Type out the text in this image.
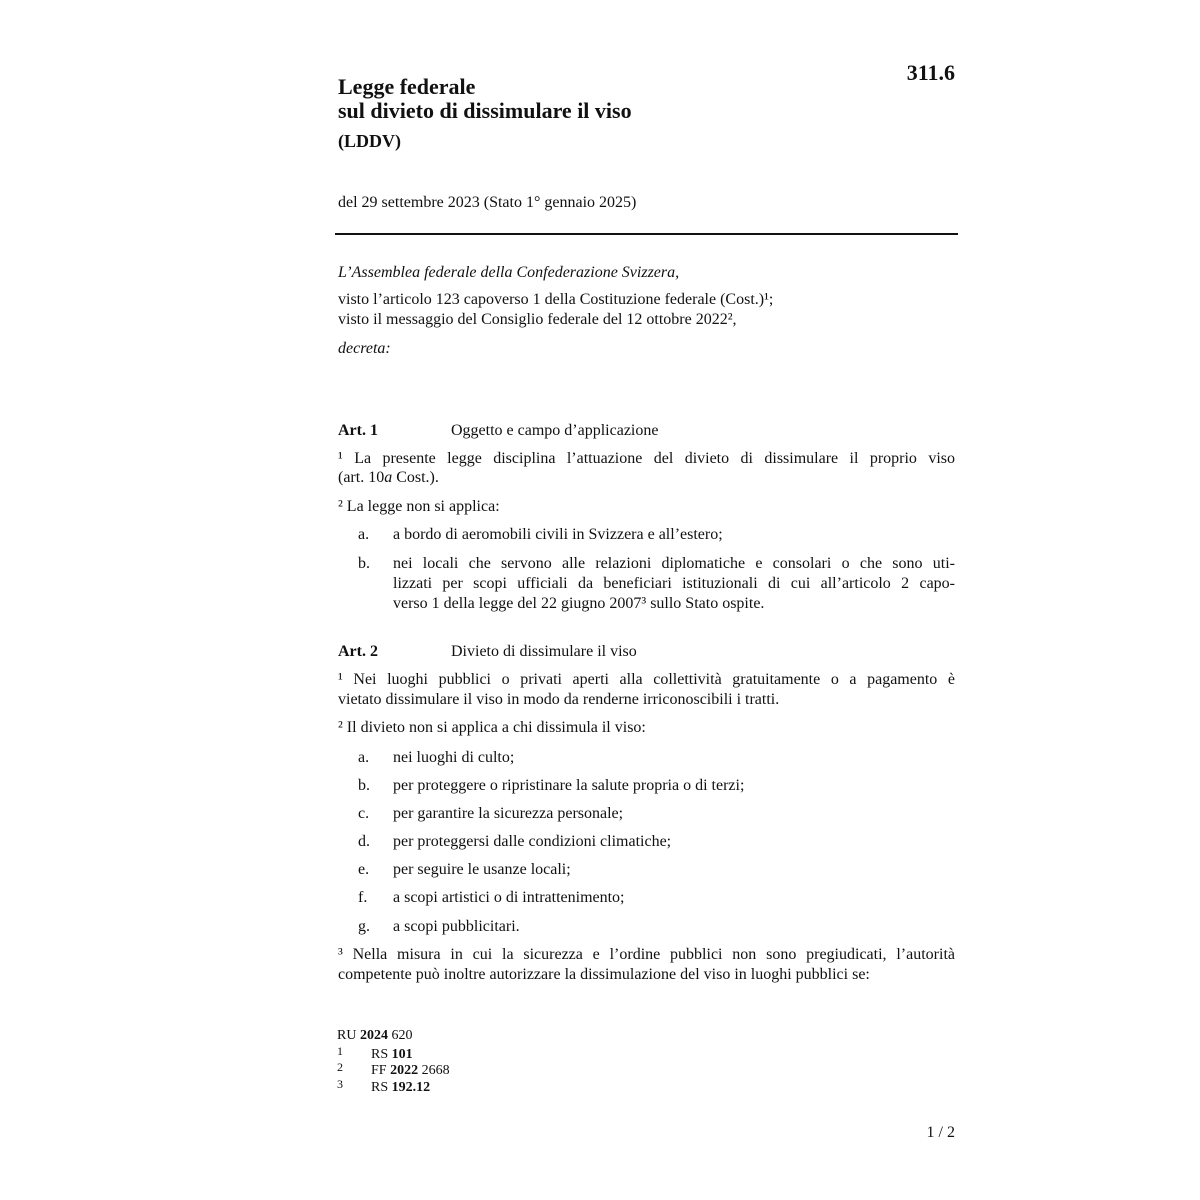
311.6
Legge federale
sul divieto di dissimulare il viso
(LDDV)
del 29 settembre 2023 (Stato 1° gennaio 2025)
L’Assemblea federale della Confederazione Svizzera,
visto l’articolo 123 capoverso 1 della Costituzione federale (Cost.)¹;
visto il messaggio del Consiglio federale del 12 ottobre 2022²,
decreta:
Art. 1	Oggetto e campo d’applicazione
¹ La presente legge disciplina l’attuazione del divieto di dissimulare il proprio viso
(art. 10a Cost.).
² La legge non si applica:
a. a bordo di aeromobili civili in Svizzera e all’estero;
b. nei locali che servono alle relazioni diplomatiche e consolari o che sono uti-
lizzati per scopi ufficiali da beneficiari istituzionali di cui all’articolo 2 capo-
verso 1 della legge del 22 giugno 2007³ sullo Stato ospite.
Art. 2	Divieto di dissimulare il viso
¹ Nei luoghi pubblici o privati aperti alla collettività gratuitamente o a pagamento è
vietato dissimulare il viso in modo da renderne irriconoscibili i tratti.
² Il divieto non si applica a chi dissimula il viso:
a. nei luoghi di culto;
b. per proteggere o ripristinare la salute propria o di terzi;
c. per garantire la sicurezza personale;
d. per proteggersi dalle condizioni climatiche;
e. per seguire le usanze locali;
f. a scopi artistici o di intrattenimento;
g. a scopi pubblicitari.
³ Nella misura in cui la sicurezza e l’ordine pubblici non sono pregiudicati, l’autorità
competente può inoltre autorizzare la dissimulazione del viso in luoghi pubblici se:
RU 2024 620
1 RS 101
2 FF 2022 2668
3 RS 192.12
1 / 2
